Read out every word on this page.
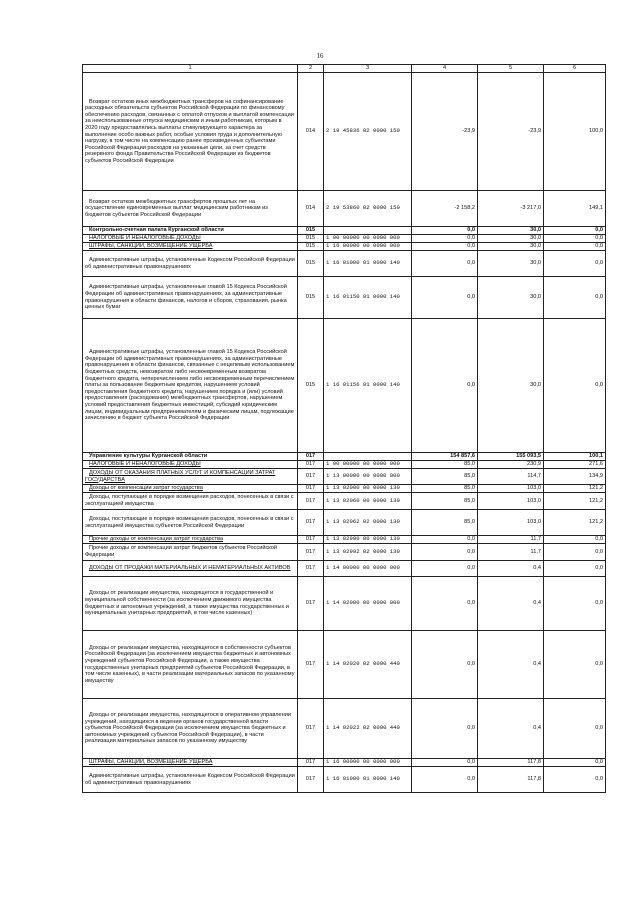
16
1	2	3	4	5	6

Возврат остатков иных межбюджетных трансферов на софинансирование расходных обязательств субъектов Российской Федерации по финансовому обеспечению расходов, связанных с оплатой отпусков и выплатой компенсации за неиспользованные отпуска медицинским и иным работникам, которым в 2020 году предоставлялись выплаты стимулирующего характера за выполнение особо важных работ, особые условия труда и дополнительную нагрузку, в том числе на компенсацию ранее произведенных субъектами Российской Федерации расходов на указанные цели, за счет средств резервного фонда Правительства Российской Федерации из бюджетов субъектов Российской Федерации	014	2 19 45836 02 0000 150	-23,9	-23,9	100,0

Возврат остатков межбюджетных трансфертов прошлых лет на осуществление единовременных выплат медицинским работникам из бюджетов субъектов Российской Федерации	014	2 19 53860 02 0000 150	-2 158,2	-3 217,0	149,1

Контрольно-счетная палата Курганской области	015		0,0	30,0	0,0

НАЛОГОВЫЕ И НЕНАЛОГОВЫЕ ДОХОДЫ	015	1 00 00000 00 0000 000	0,0	30,0	0,0

ШТРАФЫ, САНКЦИИ, ВОЗМЕЩЕНИЕ УЩЕРБА	015	1 16 00000 00 0000 000	0,0	30,0	0,0

Административные штрафы, установленные Кодексом Российской Федерации об административных правонарушениях	015	1 16 01000 01 0000 140	0,0	30,0	0,0

Административные штрафы, установленные главой 15 Кодекса Российской Федерации об административных правонарушениях, за административные правонарушения в области финансов, налогов и сборов, страхования, рынка ценных бумаг	015	1 16 01150 01 0000 140	0,0	30,0	0,0

Административные штрафы, установленные главой 15 Кодекса Российской Федерации об административных правонарушениях, за административные правонарушения в области финансов, связанные с нецелевым использованием бюджетных средств, невозвратом либо несвоевременным возвратом бюджетного кредита, неперечислением либо несвоевременным перечислением платы за пользование бюджетным кредитом, нарушением условий предоставления бюджетного кредита, нарушением порядка и (или) условий предоставления (расходования) межбюджетных трансфертов, нарушением условий предоставления бюджетных инвестиций, субсидий юридическим лицам, индивидуальным предпринимателям и физическим лицам, подлежащие зачислению в бюджет субъекта Российской Федерации	015	1 16 01156 01 0000 140	0,0	30,0	0,0

Управление культуры Курганской области	017		154 857,6	155 093,5	100,1

НАЛОГОВЫЕ И НЕНАЛОГОВЫЕ ДОХОДЫ	017	1 00 00000 00 0000 000	85,0	230,9	271,6

ДОХОДЫ ОТ ОКАЗАНИЯ ПЛАТНЫХ УСЛУГ И КОМПЕНСАЦИИ ЗАТРАТ ГОСУДАРСТВА	017	1 13 00000 00 0000 000	85,0	114,7	134,9

Доходы от компенсации затрат государства	017	1 13 02000 00 0000 130	85,0	103,0	121,2

Доходы, поступающие в порядке возмещения расходов, понесенных в связи с эксплуатацией имущества	017	1 13 02060 00 0000 130	85,0	103,0	121,2

Доходы, поступающие в порядке возмещения расходов, понесенных в связи с эксплуатацией имущества субъектов Российской Федерации	017	1 13 02062 02 0000 130	85,0	103,0	121,2

Прочие доходы от компенсации затрат государства	017	1 13 02990 00 0000 130	0,0	11,7	0,0

Прочие доходы от компенсации затрат бюджетов субъектов Российской Федерации	017	1 13 02992 02 0000 130	0,0	11,7	0,0

ДОХОДЫ ОТ ПРОДАЖИ МАТЕРИАЛЬНЫХ И НЕМАТЕРИАЛЬНЫХ АКТИВОВ	017	1 14 00000 00 0000 000	0,0	0,4	0,0

Доходы от реализации имущества, находящегося в государственной и муниципальной собственности (за исключением движимого имущества бюджетных и автономных учреждений, а также имущества государственных и муниципальных унитарных предприятий, в том числе казенных)	017	1 14 02000 00 0000 000	0,0	0,4	0,0

Доходы от реализации имущества, находящегося в собственности субъектов Российской Федерации (за исключением имущества бюджетных и автономных учреждений субъектов Российской Федерации, а также имущества государственных унитарных предприятий субъектов Российской Федерации, в том числе казенных), в части реализации материальных запасов по указанному имуществу	017	1 14 02020 02 0000 440	0,0	0,4	0,0

Доходы от реализации имущества, находящегося в оперативном управлении учреждений, находящихся в ведении органов государственной власти субъектов Российской Федерации (за исключением имущества бюджетных и автономных учреждений субъектов Российской Федерации), в части реализации материальных запасов по указанному имуществу	017	1 14 02022 02 0000 440	0,0	0,4	0,0

ШТРАФЫ, САНКЦИИ, ВОЗМЕЩЕНИЕ УЩЕРБА	017	1 16 00000 00 0000 000	0,0	117,8	0,0

Административные штрафы, установленные Кодексом Российской Федерации об административных правонарушениях	017	1 16 01000 01 0000 140	0,0	117,8	0,0
